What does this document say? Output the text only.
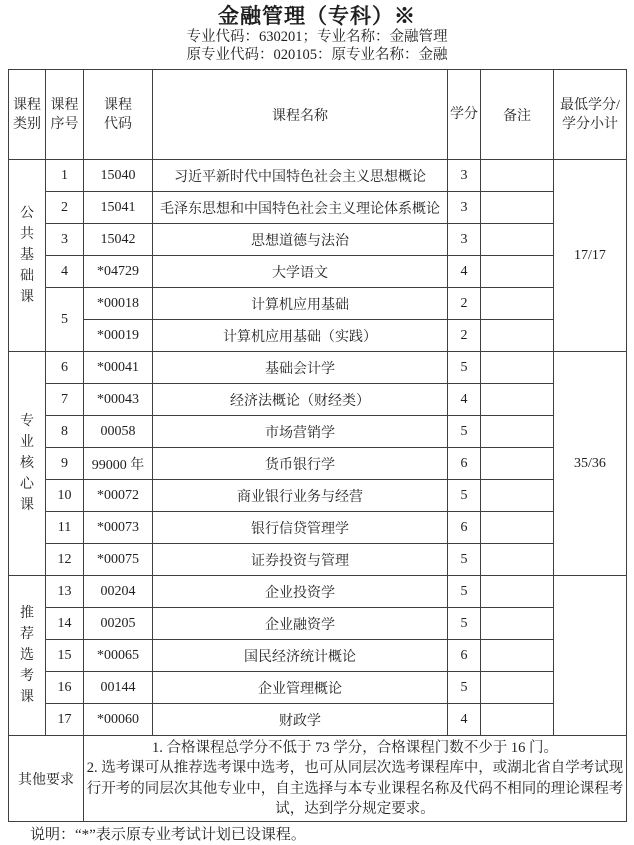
金融管理（专科）※
专业代码：630201；专业名称：金融管理
原专业代码：020105：原专业名称：金融
课程类别	课程序号	课程代码	课程名称	学分	备注	最低学分/学分小计

公共基础课	1	15040	习近平新时代中国特色社会主义思想概论	3		17/17
	2	15041	毛泽东思想和中国特色社会主义理论体系概论	3		
	3	15042	思想道德与法治	3		
	4	*04729	大学语文	4		
	5	*00018	计算机应用基础	2		
		*00019	计算机应用基础（实践）	2		

专业核心课	6	*00041	基础会计学	5		35/36
	7	*00043	经济法概论（财经类）	4		
	8	00058	市场营销学	5		
	9	99000 年	货币银行学	6		
	10	*00072	商业银行业务与经营	5		
	11	*00073	银行信贷管理学	6		
	12	*00075	证券投资与管理	5		

推荐选考课	13	00204	企业投资学	5		
	14	00205	企业融资学	5		
	15	*00065	国民经济统计概论	6		
	16	00144	企业管理概论	5		
	17	*00060	财政学	4		
其他要求		1. 合格课程总学分不低于 73 学分，合格课程门数不少于 16 门。
2. 选考课可从推荐选考课中选考，也可从同层次选考课程库中，或湖北省自学考试现行开考的同层次其他专业中，自主选择与本专业课程名称及代码不相同的理论课程考试，达到学分规定要求。				
说明：“*”表示原专业考试计划已设课程。
